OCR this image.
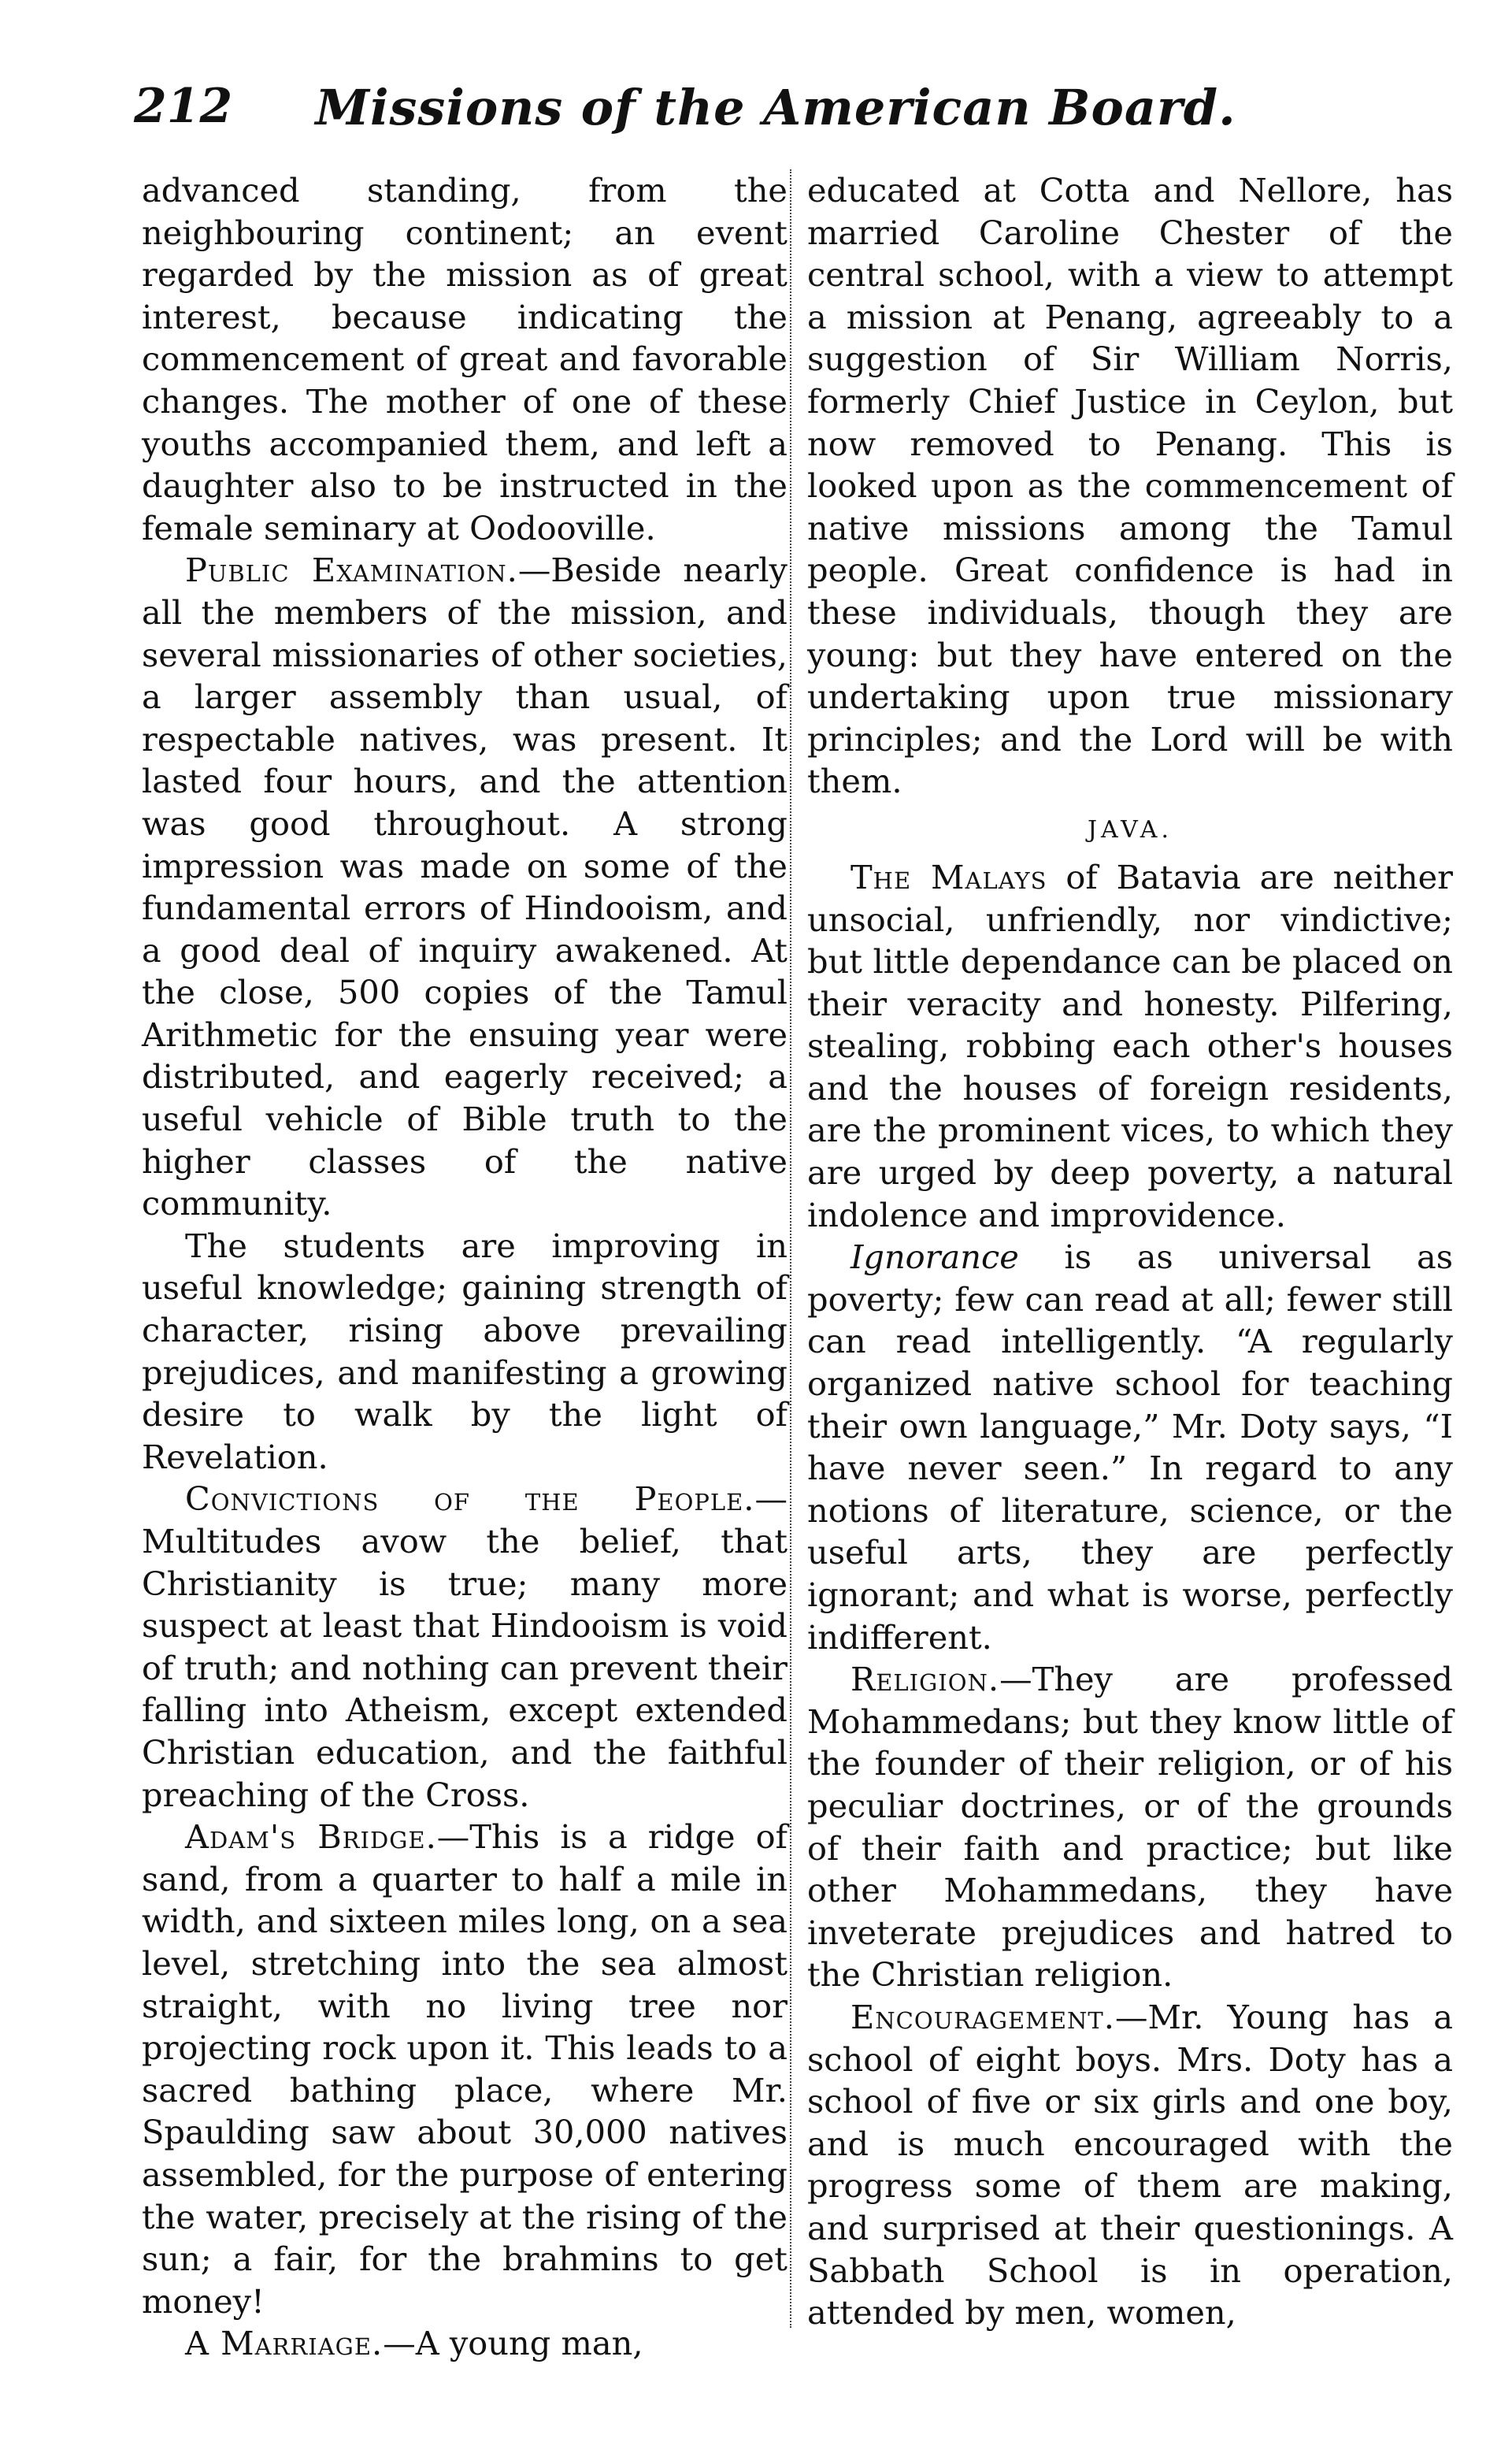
212	Missions of the American Board.

advanced standing, from the neighbouring continent; an event regarded by the mission as of great interest, because indicating the commencement of great and favorable changes. The mother of one of these youths accompanied them, and left a daughter also to be instructed in the female seminary at Oodooville.

Public Examination.—Beside nearly all the members of the mission, and several missionaries of other societies, a larger assembly than usual, of respectable natives, was present. It lasted four hours, and the attention was good throughout. A strong impression was made on some of the fundamental errors of Hindooism, and a good deal of inquiry awakened. At the close, 500 copies of the Tamul Arithmetic for the ensuing year were distributed, and eagerly received; a useful vehicle of Bible truth to the higher classes of the native community.

The students are improving in useful knowledge; gaining strength of character, rising above prevailing prejudices, and manifesting a growing desire to walk by the light of Revelation.

Convictions of the People.—Multitudes avow the belief, that Christianity is true; many more suspect at least that Hindooism is void of truth; and nothing can prevent their falling into Atheism, except extended Christian education, and the faithful preaching of the Cross.

Adam's Bridge.—This is a ridge of sand, from a quarter to half a mile in width, and sixteen miles long, on a sea level, stretching into the sea almost straight, with no living tree nor projecting rock upon it. This leads to a sacred bathing place, where Mr. Spaulding saw about 30,000 natives assembled, for the purpose of entering the water, precisely at the rising of the sun; a fair, for the brahmins to get money!

A Marriage.—A young man,

educated at Cotta and Nellore, has married Caroline Chester of the central school, with a view to attempt a mission at Penang, agreeably to a suggestion of Sir William Norris, formerly Chief Justice in Ceylon, but now removed to Penang. This is looked upon as the commencement of native missions among the Tamul people. Great confidence is had in these individuals, though they are young: but they have entered on the undertaking upon true missionary principles; and the Lord will be with them.

JAVA.

The Malays of Batavia are neither unsocial, unfriendly, nor vindictive; but little dependance can be placed on their veracity and honesty. Pilfering, stealing, robbing each other's houses and the houses of foreign residents, are the prominent vices, to which they are urged by deep poverty, a natural indolence and improvidence.

Ignorance is as universal as poverty; few can read at all; fewer still can read intelligently. “A regularly organized native school for teaching their own language,” Mr. Doty says, “I have never seen.” In regard to any notions of literature, science, or the useful arts, they are perfectly ignorant; and what is worse, perfectly indifferent.

Religion.—They are professed Mohammedans; but they know little of the founder of their religion, or of his peculiar doctrines, or of the grounds of their faith and practice; but like other Mohammedans, they have inveterate prejudices and hatred to the Christian religion.

Encouragement.—Mr. Young has a school of eight boys. Mrs. Doty has a school of five or six girls and one boy, and is much encouraged with the progress some of them are making, and surprised at their questionings. A Sabbath School is in operation, attended by men, women,
